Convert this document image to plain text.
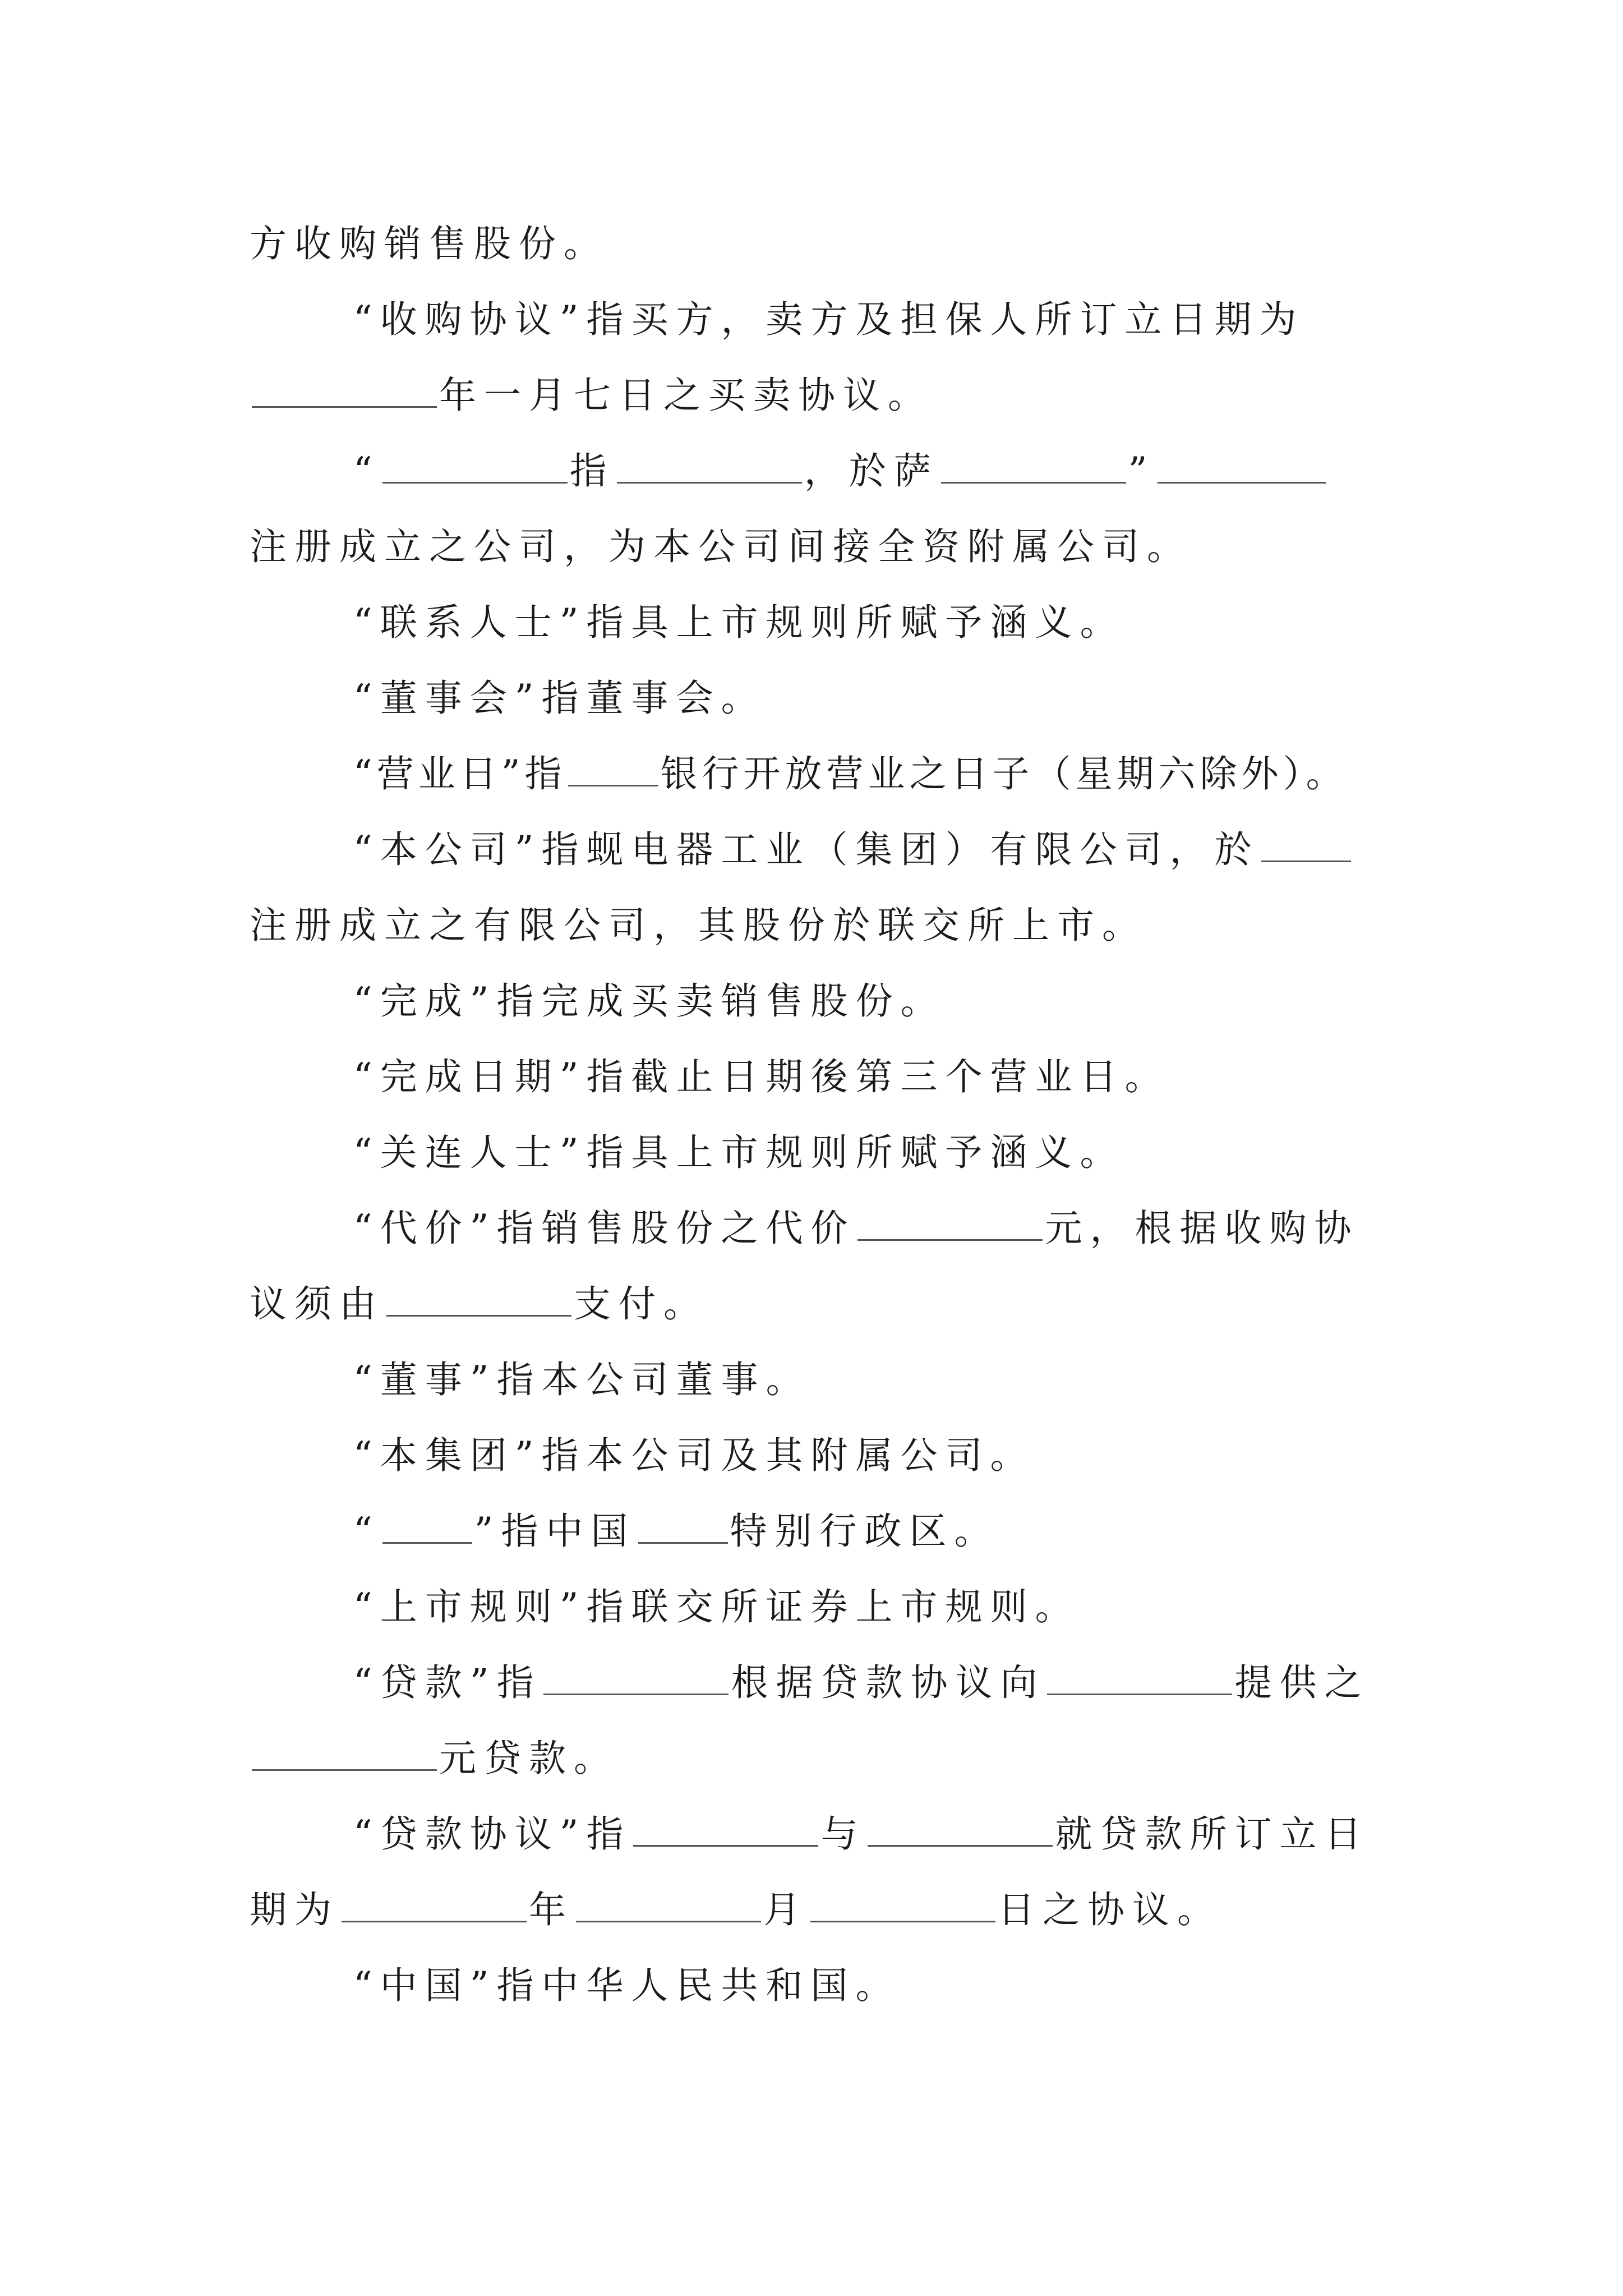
方收购销售股份。
“收购协议”指买方，卖方及担保人所订立日期为
年一月七日之买卖协议。
“	指	，於萨	”
注册成立之公司，为本公司间接全资附属公司。
“联系人士”指具上市规则所赋予涵义。
“董事会”指董事会。
“营业日”指	银行开放营业之日子（星期六除外）。
“本公司”指蚬电器工业（集团）有限公司，於
注册成立之有限公司，其股份於联交所上市。
“完成”指完成买卖销售股份。
“完成日期”指截止日期後第三个营业日。
“关连人士”指具上市规则所赋予涵义。
“代价”指销售股份之代价	元，根据收购协
议须由	支付。
“董事”指本公司董事。
“本集团”指本公司及其附属公司。
“	”指中国	特别行政区。
“上市规则”指联交所证券上市规则。
“贷款”指	根据贷款协议向	提供之
元贷款。
“贷款协议”指	与	就贷款所订立日
期为	年	月	日之协议。
“中国”指中华人民共和国。
